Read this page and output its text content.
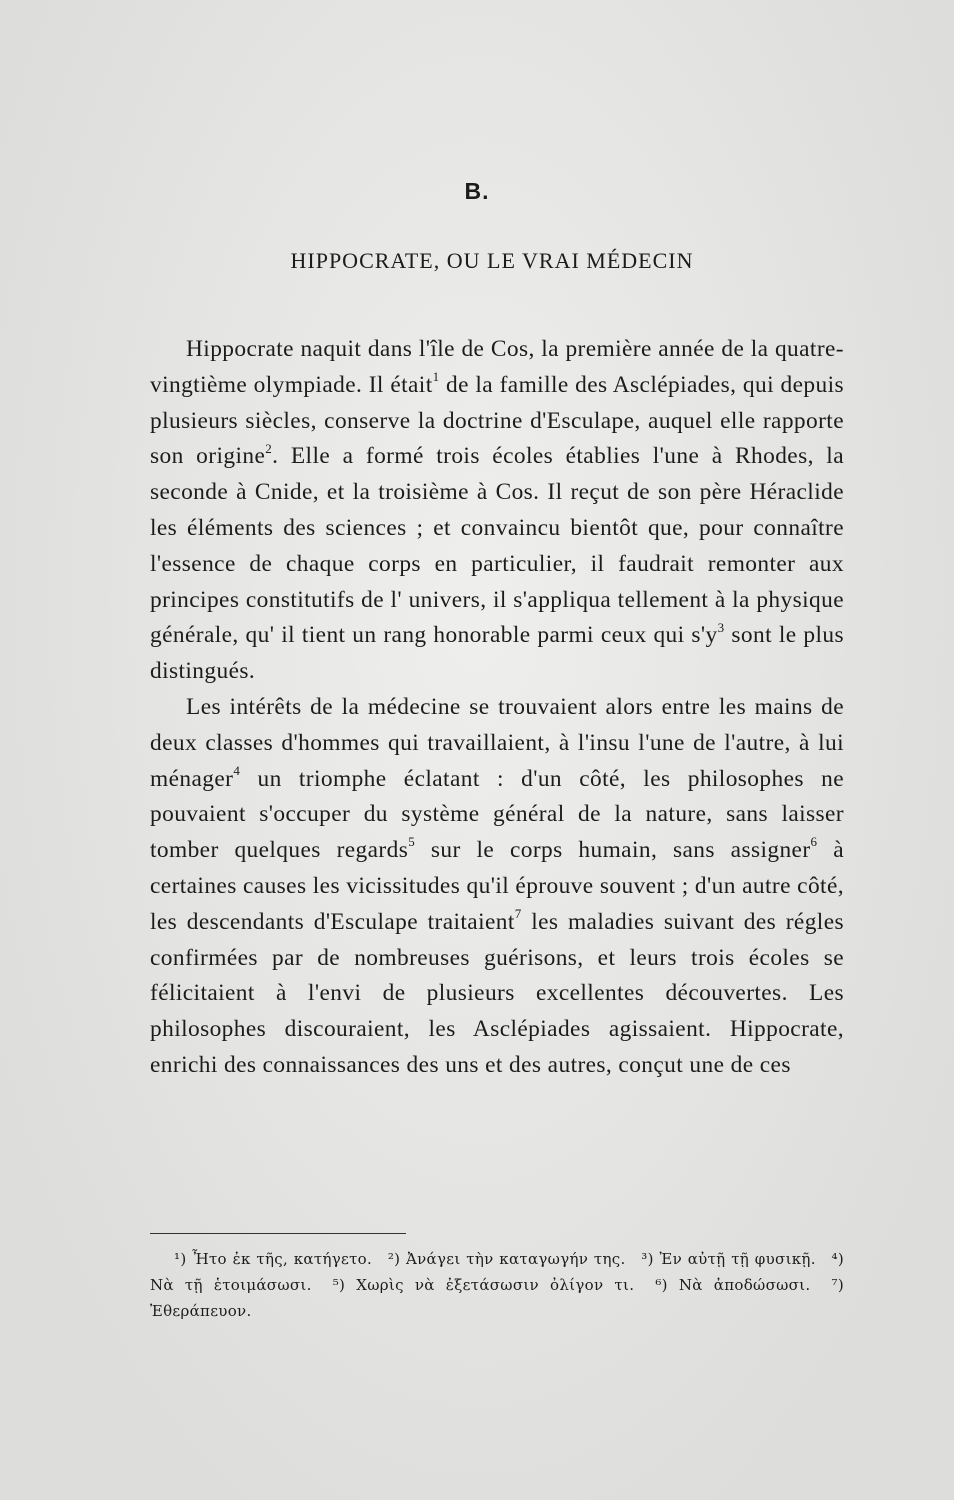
B.
HIPPOCRATE, OU LE VRAI MÉDECIN

Hippocrate naquit dans l'île de Cos, la première année de la quatre-vingtième olympiade. Il était$^1$ de la famille des Asclépiades, qui depuis plusieurs siècles, conserve la doctrine d'Esculape, auquel elle rapporte son origine$^2$. Elle a formé trois écoles établies l'une à Rhodes, la seconde à Cnide, et la troisième à Cos. Il reçut de son père Héraclide les éléments des sciences ; et convaincu bientôt que, pour connaître l'essence de chaque corps en particulier, il faudrait remonter aux principes constitutifs de l' univers, il s'appliqua tellement à la physique générale, qu' il tient un rang honorable parmi ceux qui $s'y^3$ sont le plus distingués.

Les intérêts de la médecine se trouvaient alors entre les mains de deux classes d'hommes qui travaillaient, à l'insu l'une de l'autre, à lui ménager$^4$ un triomphe éclatant : d'un côté, les philosophes ne pouvaient s'occuper du système général de la nature, sans laisser tomber quelques regards$^5$ sur le corps humain, sans assigner$^6$ à certaines causes les vicissitudes qu'il éprouve souvent ; d'un autre côté, les descendants d'Esculape traitaient$^7$ les maladies suivant des régles confirmées par de nombreuses guérisons, et leurs trois écoles se félicitaient à l'envi de plusieurs excellentes découvertes. Les philosophes discouraient, les Asclépiades agissaient. Hippocrate, enrichi des connaissances des uns et des autres, conçut une de ces

¹) Ἦτο ἐκ τῆς, κατήγετο. ²) Ἀνάγει τὴν καταγωγήν της. ³) Ἐν αὐτῇ τῇ φυσικῇ. ⁴) Νὰ τῇ ἑτοιμάσωσι. ⁵) Χωρὶς νὰ ἐξετάσωσιν ὀλίγον τι. ⁶) Νὰ ἀποδώσωσι. ⁷) Ἐθεράπευον.
